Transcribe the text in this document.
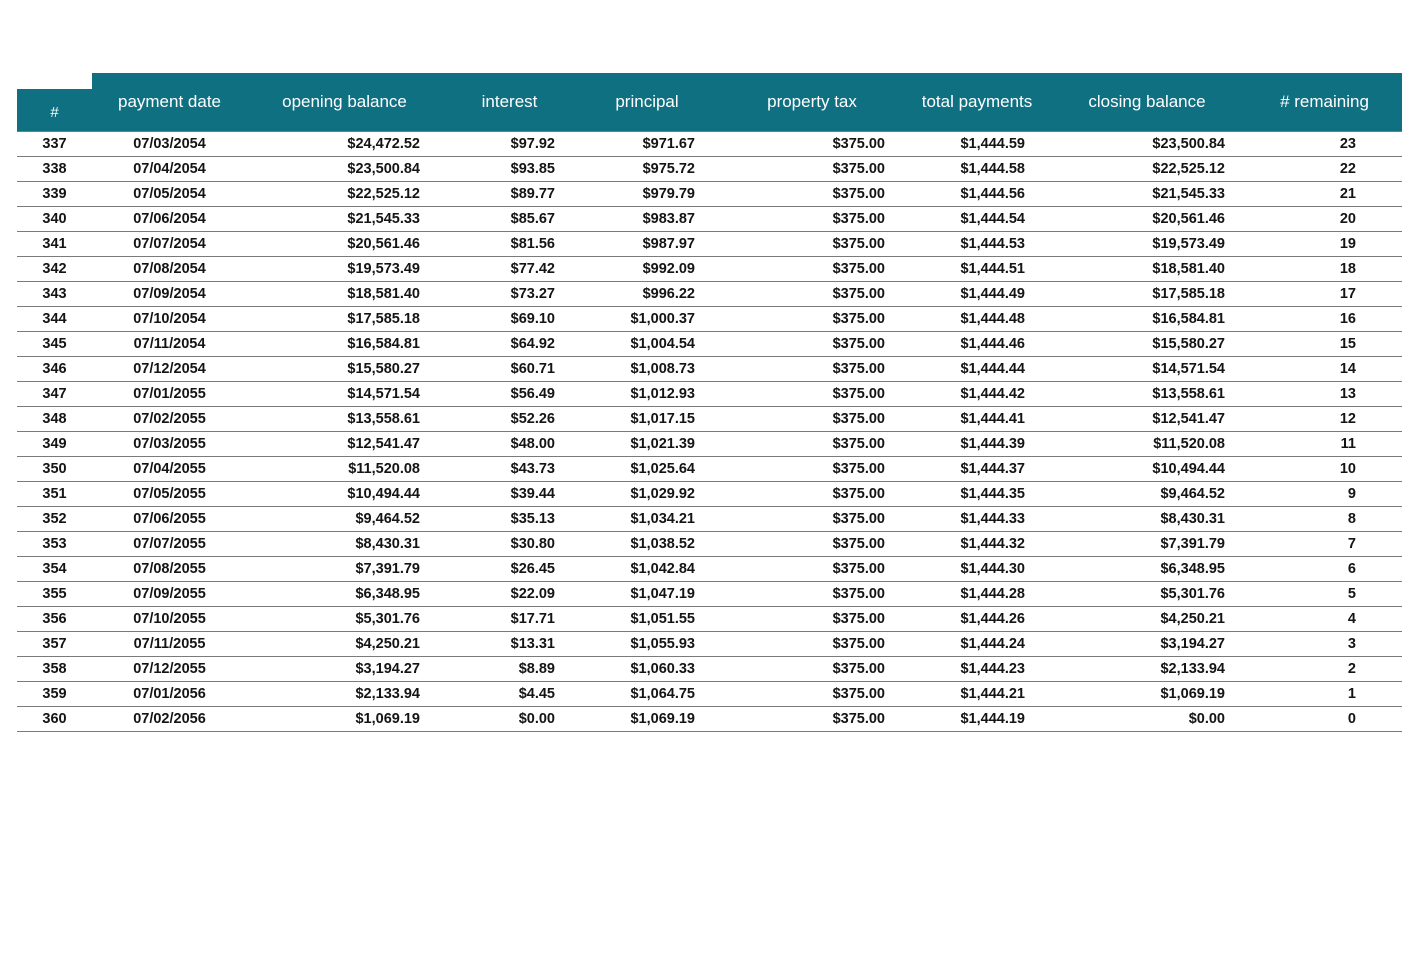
#	payment date	opening balance	interest	principal	property tax	total payments	closing balance	# remaining
337	07/03/2054	$24,472.52	$97.92	$971.67	$375.00	$1,444.59	$23,500.84	23
338	07/04/2054	$23,500.84	$93.85	$975.72	$375.00	$1,444.58	$22,525.12	22
339	07/05/2054	$22,525.12	$89.77	$979.79	$375.00	$1,444.56	$21,545.33	21
340	07/06/2054	$21,545.33	$85.67	$983.87	$375.00	$1,444.54	$20,561.46	20
341	07/07/2054	$20,561.46	$81.56	$987.97	$375.00	$1,444.53	$19,573.49	19
342	07/08/2054	$19,573.49	$77.42	$992.09	$375.00	$1,444.51	$18,581.40	18
343	07/09/2054	$18,581.40	$73.27	$996.22	$375.00	$1,444.49	$17,585.18	17
344	07/10/2054	$17,585.18	$69.10	$1,000.37	$375.00	$1,444.48	$16,584.81	16
345	07/11/2054	$16,584.81	$64.92	$1,004.54	$375.00	$1,444.46	$15,580.27	15
346	07/12/2054	$15,580.27	$60.71	$1,008.73	$375.00	$1,444.44	$14,571.54	14
347	07/01/2055	$14,571.54	$56.49	$1,012.93	$375.00	$1,444.42	$13,558.61	13
348	07/02/2055	$13,558.61	$52.26	$1,017.15	$375.00	$1,444.41	$12,541.47	12
349	07/03/2055	$12,541.47	$48.00	$1,021.39	$375.00	$1,444.39	$11,520.08	11
350	07/04/2055	$11,520.08	$43.73	$1,025.64	$375.00	$1,444.37	$10,494.44	10
351	07/05/2055	$10,494.44	$39.44	$1,029.92	$375.00	$1,444.35	$9,464.52	9
352	07/06/2055	$9,464.52	$35.13	$1,034.21	$375.00	$1,444.33	$8,430.31	8
353	07/07/2055	$8,430.31	$30.80	$1,038.52	$375.00	$1,444.32	$7,391.79	7
354	07/08/2055	$7,391.79	$26.45	$1,042.84	$375.00	$1,444.30	$6,348.95	6
355	07/09/2055	$6,348.95	$22.09	$1,047.19	$375.00	$1,444.28	$5,301.76	5
356	07/10/2055	$5,301.76	$17.71	$1,051.55	$375.00	$1,444.26	$4,250.21	4
357	07/11/2055	$4,250.21	$13.31	$1,055.93	$375.00	$1,444.24	$3,194.27	3
358	07/12/2055	$3,194.27	$8.89	$1,060.33	$375.00	$1,444.23	$2,133.94	2
359	07/01/2056	$2,133.94	$4.45	$1,064.75	$375.00	$1,444.21	$1,069.19	1
360	07/02/2056	$1,069.19	$0.00	$1,069.19	$375.00	$1,444.19	$0.00	0
